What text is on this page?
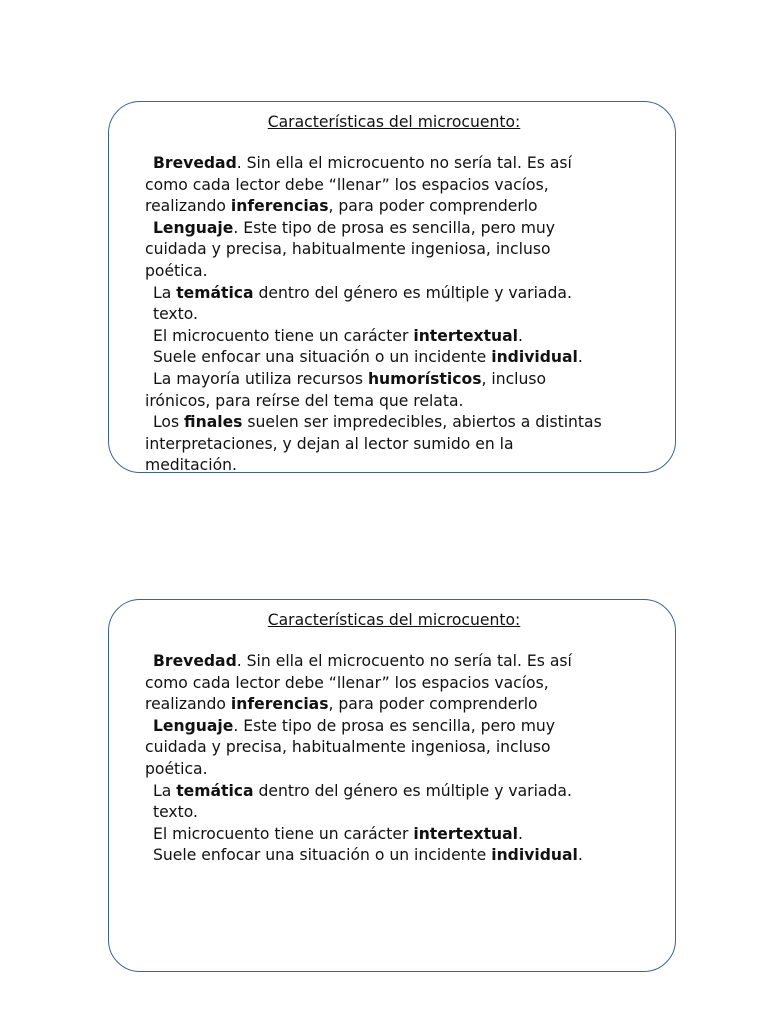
Características del microcuento:

Brevedad. Sin ella el microcuento no sería tal. Es así

como cada lector debe “llenar” los espacios vacíos,

realizando inferencias, para poder comprenderlo

Lenguaje. Este tipo de prosa es sencilla, pero muy

cuidada y precisa, habitualmente ingeniosa, incluso

poética.

La temática dentro del género es múltiple y variada.

texto.

El microcuento tiene un carácter intertextual.

Suele enfocar una situación o un incidente individual.

La mayoría utiliza recursos humorísticos, incluso

irónicos, para reírse del tema que relata.

Los finales suelen ser impredecibles, abiertos a distintas

interpretaciones, y dejan al lector sumido en la

meditación.

Características del microcuento:

Brevedad. Sin ella el microcuento no sería tal. Es así

como cada lector debe “llenar” los espacios vacíos,

realizando inferencias, para poder comprenderlo

Lenguaje. Este tipo de prosa es sencilla, pero muy

cuidada y precisa, habitualmente ingeniosa, incluso

poética.

La temática dentro del género es múltiple y variada.

texto.

El microcuento tiene un carácter intertextual.

Suele enfocar una situación o un incidente individual.
